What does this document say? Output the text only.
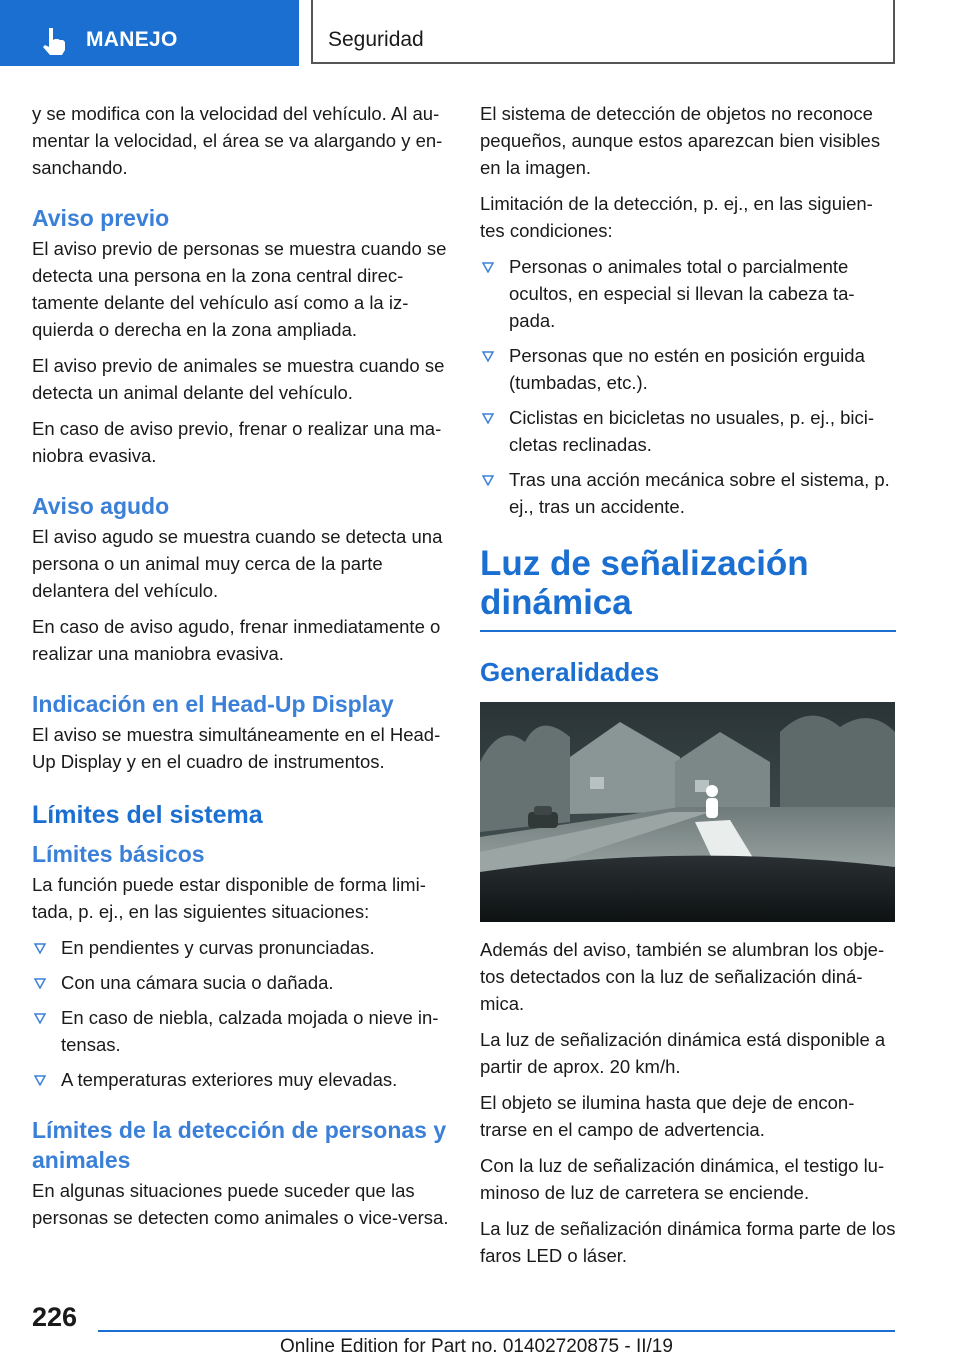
MANEJO	Seguridad

y se modifica con la velocidad del vehículo. Al au‐mentar la velocidad, el área se va alargando y en‐sanchando.

Aviso previo

El aviso previo de personas se muestra cuando se detecta una persona en la zona central direc‐tamente delante del vehículo así como a la iz‐quierda o derecha en la zona ampliada.

El aviso previo de animales se muestra cuando se detecta un animal delante del vehículo.

En caso de aviso previo, frenar o realizar una ma‐niobra evasiva.

Aviso agudo

El aviso agudo se muestra cuando se detecta una persona o un animal muy cerca de la parte delantera del vehículo.

En caso de aviso agudo, frenar inmediatamente o realizar una maniobra evasiva.

Indicación en el Head-Up Display

El aviso se muestra simultáneamente en el Head-Up Display y en el cuadro de instrumentos.

Límites del sistema
Límites básicos

La función puede estar disponible de forma limi‐tada, p. ej., en las siguientes situaciones:

En pendientes y curvas pronunciadas.
Con una cámara sucia o dañada.
En caso de niebla, calzada mojada o nieve in‐tensas.
A temperaturas exteriores muy elevadas.
Límites de la detección de personas y animales

En algunas situaciones puede suceder que las personas se detecten como animales o vice‐versa.

El sistema de detección de objetos no reconoce pequeños, aunque estos aparezcan bien visibles en la imagen.

Limitación de la detección, p. ej., en las siguien‐tes condiciones:

Personas o animales total o parcialmente ocultos, en especial si llevan la cabeza ta‐pada.
Personas que no estén en posición erguida (tumbadas, etc.).
Ciclistas en bicicletas no usuales, p. ej., bici‐cletas reclinadas.
Tras una acción mecánica sobre el sistema, p. ej., tras un accidente.
Luz de señalización dinámica
Generalidades

Además del aviso, también se alumbran los obje‐tos detectados con la luz de señalización diná‐mica.

La luz de señalización dinámica está disponible a partir de aprox. 20 km/h.

El objeto se ilumina hasta que deje de encon‐trarse en el campo de advertencia.

Con la luz de señalización dinámica, el testigo lu‐minoso de luz de carretera se enciende.

La luz de señalización dinámica forma parte de los faros LED o láser.

226
Online Edition for Part no. 01402720875 - II/19
